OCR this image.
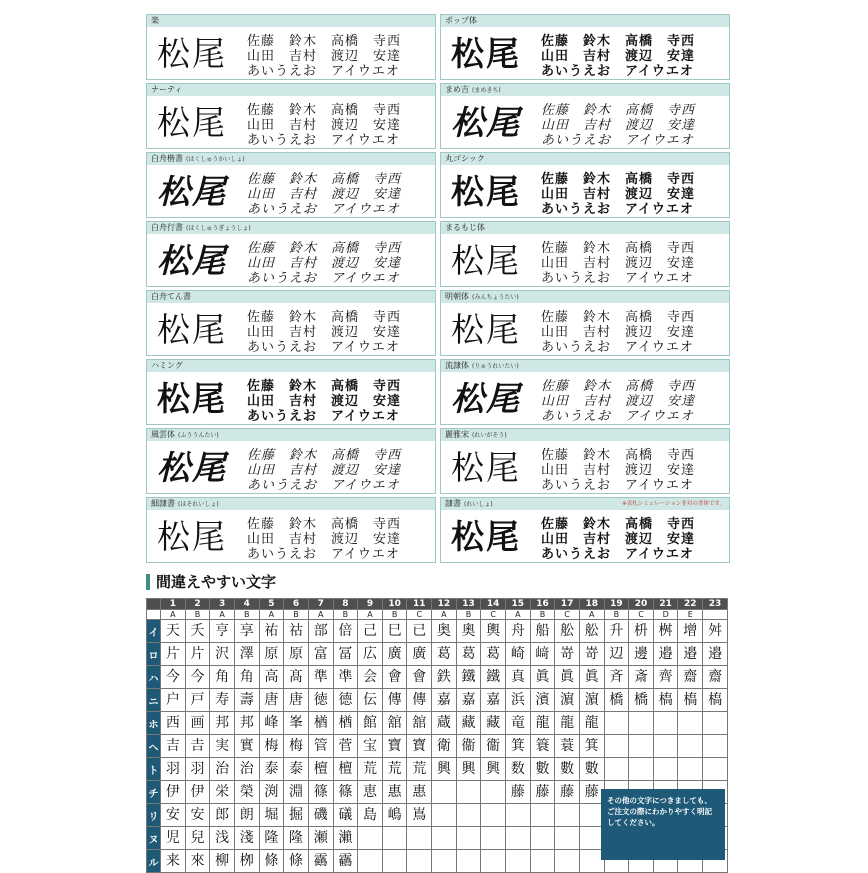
楽
松尾 佐藤　鈴木　高橋　寺西
山田　吉村　渡辺　安達
あいうえお　アイウエオ
ポップ体
松尾 佐藤　鈴木　高橋　寺西
山田　吉村　渡辺　安達
あいうえお　アイウエオ
ナーティ
松尾 佐藤　鈴木　高橋　寺西
山田　吉村　渡辺　安達
あいうえお　アイウエオ
まめ吉 (まめきち)
松尾 佐藤　鈴木　高橋　寺西
山田　吉村　渡辺　安達
あいうえお　アイウエオ
白舟楷書 (はくしゅうかいしょ)
松尾 佐藤　鈴木　高橋　寺西
山田　吉村　渡辺　安達
あいうえお　アイウエオ
丸ゴシック
松尾 佐藤　鈴木　高橋　寺西
山田　吉村　渡辺　安達
あいうえお　アイウエオ
白舟行書 (はくしゅうぎょうしょ)
松尾 佐藤　鈴木　高橋　寺西
山田　吉村　渡辺　安達
あいうえお　アイウエオ
まるもじ体
松尾 佐藤　鈴木　高橋　寺西
山田　吉村　渡辺　安達
あいうえお　アイウエオ
白舟てん書
松尾 佐藤　鈴木　高橋　寺西
山田　吉村　渡辺　安達
あいうえお　アイウエオ
明朝体 (みんちょうたい)
松尾 佐藤　鈴木　高橋　寺西
山田　吉村　渡辺　安達
あいうえお　アイウエオ
ハミング
松尾 佐藤　鈴木　高橋　寺西
山田　吉村　渡辺　安達
あいうえお　アイウエオ
流隷体 (りゅうれいたい)
松尾 佐藤　鈴木　高橋　寺西
山田　吉村　渡辺　安達
あいうえお　アイウエオ
風雲体 (ふううんたい)
松尾 佐藤　鈴木　高橋　寺西
山田　吉村　渡辺　安達
あいうえお　アイウエオ
麗雅宋 (れいがそう)
松尾 佐藤　鈴木　高橋　寺西
山田　吉村　渡辺　安達
あいうえお　アイウエオ
細隷書 (ほそれいしょ)
松尾 佐藤　鈴木　高橋　寺西
山田　吉村　渡辺　安達
あいうえお　アイウエオ
隷書 (れいしょ)
松尾 佐藤　鈴木　高橋　寺西
山田　吉村　渡辺　安達
あいうえお　アイウエオ
※表札シミュレーション非対の書体です。
間違えやすい文字
	1	2	3	4	5	6	7	8	9	10	11	12	13	14	15	16	17	18	19	20	21	22	23
	A	B	A	B	A	B	A	B	A	B	C	A	B	C	A	B	C	A	B	C	D	E	
イ	天	夭	亨	享	祐	祜	部	倍	己	巳	已	奥	奧	輿	舟	船	舩	舩	升	枡	桝	增	舛
ロ	片	片	沢	澤	原	原	富	冨	広	廣	廣	葛	葛	葛	崎	﨑	嵜	嵜	辺	邊	邉	邉	邉
ハ	今	今	角	角	高	髙	準	凖	会	會	會	鉄	鐵	鐵	真	眞	眞	眞	斉	斎	齊	齋	齋
ニ	户	戸	寿	壽	唐	唐	徳	德	伝	傳	傳	嘉	嘉	嘉	浜	濱	濵	濵	橋	橋	槗	槗	槗
ホ	西	画	邦	邦	峰	峯	楢	楢	館	舘	舘	蔵	藏	藏	竜	龍	龍	龍					
ヘ	吉	𠮷	実	實	梅	梅	管	菅	宝	寶	寶	衛	衞	衞	箕	簑	蓑	箕					
ト	羽	羽	治	治	泰	泰	檀	檀	荒	荒	荒	興	興	興	数	數	數	數					
チ	伊	伊	栄	榮	渕	淵	篠	篠	恵	惠	惠				藤	藤	藤	藤					
リ	安	安	郎	朗	堀	掘	磯	礒	島	嶋	嶌												
ヌ	児	兒	浅	淺	隆	隆	瀬	瀨															
ル	来	來	柳	栁	條	條	靍	靏															
その他の文字につきましても、ご注文の際にわかりやすく明記してください。
